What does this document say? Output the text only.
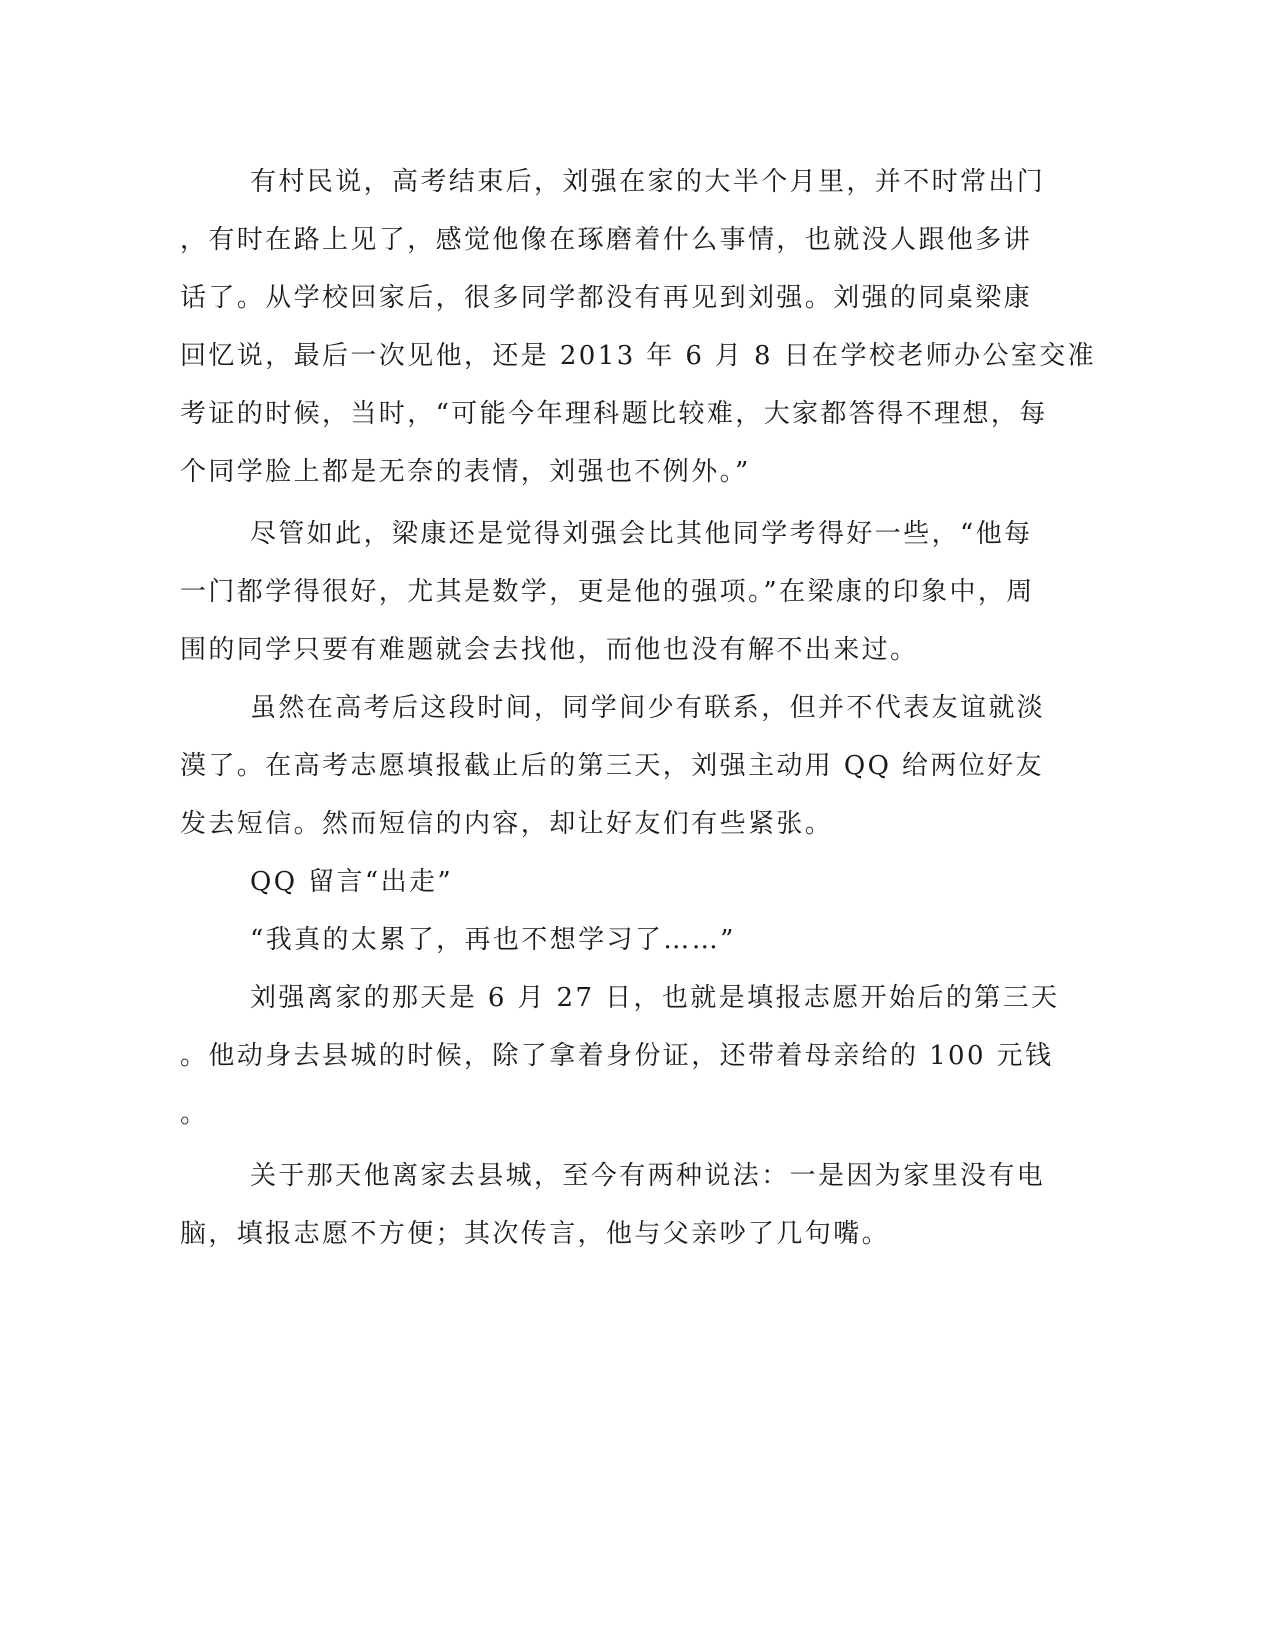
有村民说，高考结束后，刘强在家的大半个月里，并不时常出门

，有时在路上见了，感觉他像在琢磨着什么事情，也就没人跟他多讲

话了。从学校回家后，很多同学都没有再见到刘强。刘强的同桌梁康

回忆说，最后一次见他，还是 2013 年 6 月 8 日在学校老师办公室交准

考证的时候，当时，“可能今年理科题比较难，大家都答得不理想，每

个同学脸上都是无奈的表情，刘强也不例外。”

尽管如此，梁康还是觉得刘强会比其他同学考得好一些，“他每

一门都学得很好，尤其是数学，更是他的强项。”在梁康的印象中，周

围的同学只要有难题就会去找他，而他也没有解不出来过。

虽然在高考后这段时间，同学间少有联系，但并不代表友谊就淡

漠了。在高考志愿填报截止后的第三天，刘强主动用 QQ 给两位好友

发去短信。然而短信的内容，却让好友们有些紧张。

QQ 留言“出走”

“我真的太累了，再也不想学习了……”

刘强离家的那天是 6 月 27 日，也就是填报志愿开始后的第三天

。他动身去县城的时候，除了拿着身份证，还带着母亲给的 100 元钱

。

关于那天他离家去县城，至今有两种说法：一是因为家里没有电

脑，填报志愿不方便；其次传言，他与父亲吵了几句嘴。
